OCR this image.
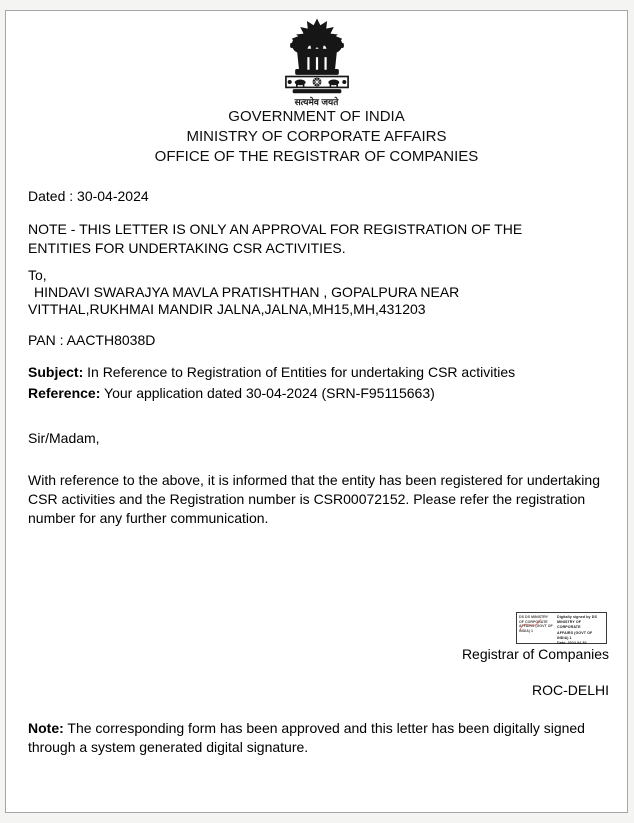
सत्यमेव जयते
GOVERNMENT OF INDIA
MINISTRY OF CORPORATE AFFAIRS
OFFICE OF THE REGISTRAR OF COMPANIES
Dated : 30-04-2024
NOTE - THIS LETTER IS ONLY AN APPROVAL FOR REGISTRATION OF THE
ENTITIES FOR UNDERTAKING CSR ACTIVITIES.
To,
HINDAVI SWARAJYA MAVLA PRATISHTHAN , GOPALPURA NEAR
VITTHAL,RUKHMAI MANDIR JALNA,JALNA,MH15,MH,431203
PAN : AACTH8038D
Subject: In Reference to Registration of Entities for undertaking CSR activities
Reference: Your application dated 30-04-2024 (SRN-F95115663)
Sir/Madam,
With reference to the above, it is informed that the entity has been registered for undertaking
CSR activities and the Registration number is CSR00072152. Please refer the registration
number for any further communication.
DS DS MINISTRY
OF CORPORATE
AFFAIRS (GOVT OF
INDIA) 1
Digitally signed by DS
MINISTRY OF CORPORATE
AFFAIRS (GOVT OF INDIA) 1
Date: 2024.04.30
Registrar of Companies
ROC-DELHI
Note: The corresponding form has been approved and this letter has been digitally signed
through a system generated digital signature.
